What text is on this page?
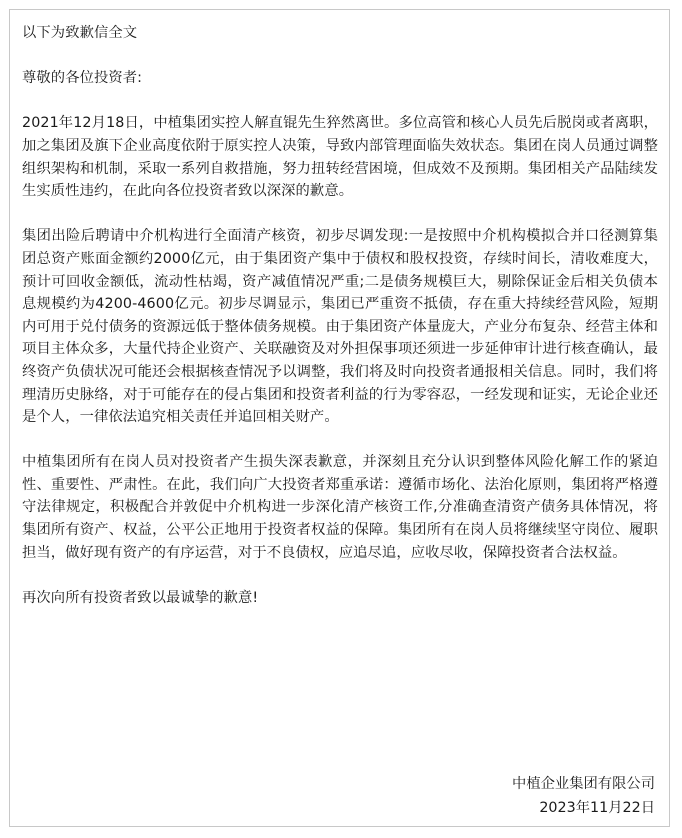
以下为致歉信全文

尊敬的各位投资者:

2021年12月18日，中植集团实控人解直锟先生猝然离世。多位高管和核心人员先后脱岗或者离职，加之集团及旗下企业高度依附于原实控人决策，导致内部管理面临失效状态。集团在岗人员通过调整组织架构和机制，采取一系列自救措施，努力扭转经营困境，但成效不及预期。集团相关产品陆续发生实质性违约，在此向各位投资者致以深深的歉意。

集团出险后聘请中介机构进行全面清产核资，初步尽调发现:一是按照中介机构模拟合并口径测算集团总资产账面金额约2000亿元，由于集团资产集中于债权和股权投资，存续时间长，清收难度大，预计可回收金额低，流动性枯竭，资产减值情况严重;二是债务规模巨大，剔除保证金后相关负债本息规模约为4200-4600亿元。初步尽调显示，集团已严重资不抵债，存在重大持续经营风险，短期内可用于兑付债务的资源远低于整体债务规模。由于集团资产体量庞大，产业分布复杂、经营主体和项目主体众多，大量代持企业资产、关联融资及对外担保事项还须进一步延伸审计进行核查确认，最终资产负债状况可能还会根据核查情况予以调整，我们将及时向投资者通报相关信息。同时，我们将理清历史脉络，对于可能存在的侵占集团和投资者利益的行为零容忍，一经发现和证实，无论企业还是个人，一律依法追究相关责任并追回相关财产。

中植集团所有在岗人员对投资者产生损失深表歉意，并深刻且充分认识到整体风险化解工作的紧迫性、重要性、严肃性。在此，我们向广大投资者郑重承诺：遵循市场化、法治化原则，集团将严格遵守法律规定，积极配合并敦促中介机构进一步深化清产核资工作,分准确查清资产债务具体情况，将集团所有资产、权益，公平公正地用于投资者权益的保障。集团所有在岗人员将继续坚守岗位、履职担当，做好现有资产的有序运营，对于不良债权，应追尽追，应收尽收，保障投资者合法权益。

再次向所有投资者致以最诚挚的歉意!

中植企业集团有限公司
2023年11月22日
